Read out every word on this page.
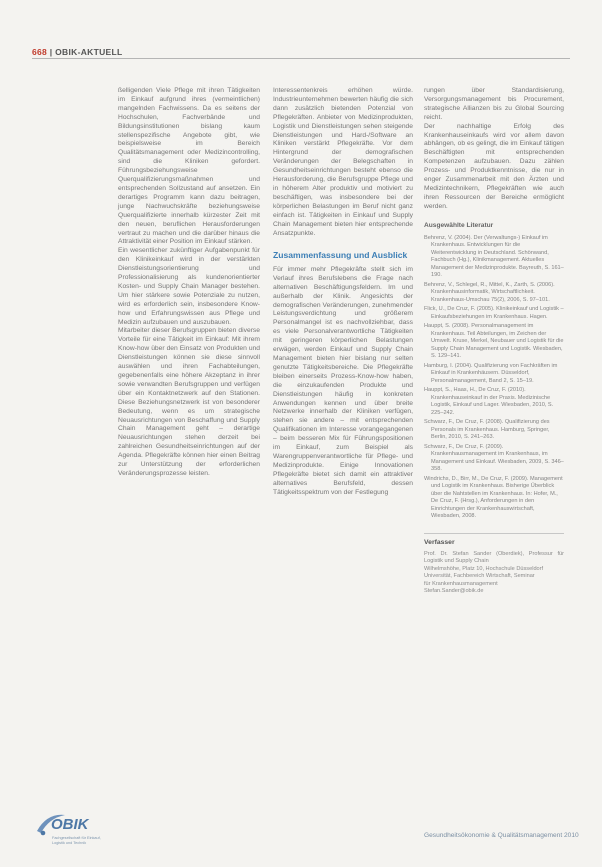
668 | OBIK-AKTUELL

ßelligenden Viele Pflege mit ihren Tätigkeiten im Einkauf aufgrund ihres (vermeintlichen) mangelnden Fachwissens. Da es seitens der Hochschulen, Fachverbände und Bildungsinstitutionen bislang kaum stellenspezifische Angebote gibt, wie beispielsweise im Bereich Qualitätsmanagement oder Medizincontrolling, sind die Kliniken gefordert. Führungsbeziehungsweise Querqualifizierungsmaßnahmen und entsprechenden Sollzustand auf ansetzen. Ein derartiges Programm kann dazu beitragen, junge Nachwuchskräfte beziehungsweise Querqualifizierte innerhalb kürzester Zeit mit den neuen, beruflichen Herausforderungen vertraut zu machen und die darüber hinaus die Attraktivität einer Position im Einkauf stärken.

Ein wesentlicher zukünftiger Aufgabenpunkt für den Klinikeinkauf wird in der verstärkten Dienstleistungsorientierung und Professionalisierung als kundenorientierter Kosten- und Supply Chain Manager bestehen. Um hier stärkere sowie Potenziale zu nutzen, wird es erforderlich sein, insbesondere Know-how und Erfahrungswissen aus Pflege und Medizin aufzubauen und auszubauen.

Mitarbeiter dieser Berufsgruppen bieten diverse Vorteile für eine Tätigkeit im Einkauf: Mit ihrem Know-how über den Einsatz von Produkten und Dienstleistungen können sie diese sinnvoll auswählen und ihren Fachabteilungen, gegebenenfalls eine höhere Akzeptanz in ihrer sowie verwandten Berufsgruppen und verfügen über ein Kontaktnetzwerk auf den Stationen. Diese Beziehungsnetzwerk ist von besonderer Bedeutung, wenn es um strategische Neuausrichtungen von Beschaffung und Supply Chain Management geht – derartige Neuausrichtungen stehen derzeit bei zahlreichen Gesundheitseinrichtungen auf der Agenda. Pflegekräfte können hier einen Beitrag zur Unterstützung der erforderlichen Veränderungsprozesse leisten.

Interessentenkreis erhöhen würde. Industrieunternehmen bewerten häufig die sich dann zusätzlich bietenden Potenzial von Pflegekräften. Anbieter von Medizinprodukten, Logistik und Dienstleistungen sehen steigende Dienstleistungen und Hard-/Software an Kliniken verstärkt Pflegekräfte. Vor dem Hintergrund der demografischen Veränderungen der Belegschaften in Gesundheitseinrichtungen besteht ebenso die Herausforderung, die Berufsgruppe Pflege und in höherem Alter produktiv und motiviert zu beschäftigen, was insbesondere bei der körperlichen Belastungen im Beruf nicht ganz einfach ist. Tätigkeiten in Einkauf und Supply Chain Management bieten hier entsprechende Ansatzpunkte.

Zusammenfassung und Ausblick

Für immer mehr Pflegekräfte stellt sich im Verlauf ihres Berufslebens die Frage nach alternativen Beschäftigungsfeldern. Im und außerhalb der Klinik. Angesichts der demografischen Veränderungen, zunehmender Leistungsverdichtung und größerem Personalmangel ist es nachvollziehbar, dass es viele Personalverantwortliche Tätigkeiten mit geringeren körperlichen Belastungen erwägen, werden Einkauf und Supply Chain Management bieten hier bislang nur selten genutzte Tätigkeitsbereiche. Die Pflegekräfte bleiben einerseits Prozess-Know-how haben, die einzukaufenden Produkte und Dienstleistungen häufig in konkreten Anwendungen kennen und über breite Netzwerke innerhalb der Kliniken verfügen, stehen sie andere – mit entsprechenden Qualifikationen im Interesse vorangegangenen – beim besseren Mix für Führungspositionen im Einkauf, zum Beispiel als Warengruppenverantwortliche für Pflege- und Medizinprodukte. Einige Innovationen Pflegekräfte bietet sich damit ein attraktiver alternatives Berufsfeld, dessen Tätigkeitsspektrum von der Festlegung

rungen über Standardisierung, Versorgungsmanagement bis Procurement, strategische Allianzen bis zu Global Sourcing reicht.

Der nachhaltige Erfolg des Krankenhauseinkaufs wird vor allem davon abhängen, ob es gelingt, die im Einkauf tätigen Beschäftigten mit entsprechenden Kompetenzen aufzubauen. Dazu zählen Prozess- und Produktkenntnisse, die nur in enger Zusammenarbeit mit den Ärzten und Medizintechnikern, Pflegekräften wie auch ihren Ressourcen der Bereiche ermöglicht werden.

Ausgewählte Literatur
Behrenz, V. (2004). Der (Verwaltungs-) Einkauf im Krankenhaus. Entwicklungen für die Weiterentwicklung in Deutschland. Schönwand, Fachbuch (Hg.), Klinikmanagement. Aktuelles Management der Medizinprodukte. Bayreuth, S. 161–190.
Behrenz, V., Schlegel, R., Mittel, K., Zarth, S. (2006). Krankenhausinformatik, Wirtschaftlichkeit. Krankenhaus-Umschau 75(2), 2006, S. 97–101.
Flick, U., De Cruz, F. (2005). Klinikeinkauf und Logistik – Einkaufsbeziehungen im Krankenhaus. Hagen.
Hauppt, S. (2008). Personalmanagement im Krankenhaus. Teil Abteilungen, im Zeichen der Umwelt. Kruse, Merkel, Neubauer und Logistik für die Supply Chain Management und Logistik. Wiesbaden, S. 129–141.
Hamburg, I. (2004). Qualifizierung von Fachkräften im Einkauf in Krankenhäusern. Düsseldorf, Personalmanagement, Band 2, S. 15–19.
Hauppt, S., Haas, H., De Cruz, F. (2010). Krankenhauseinkauf in der Praxis. Medizinische Logistik, Einkauf und Lager. Wiesbaden, 2010, S. 225–242.
Schwarz, F., De Cruz, F. (2008). Qualifizierung des Personals im Krankenhaus. Hamburg, Springer, Berlin, 2010, S. 241–263.
Schwarz, F., De Cruz, F. (2009). Krankenhausmanagement im Krankenhaus, im Management und Einkauf. Wiesbaden, 2009, S. 346–358.
Windrichs, D., Birr, M., De Cruz, F. (2009). Management und Logistik im Krankenhaus. Bisherige Überblick über die Nahtstellen im Krankenhaus. In: Hofer, M., De Cruz, F. (Hrsg.), Anforderungen in den Einrichtungen der Krankenhauswirtschaft, Wiesbaden, 2008.
Verfasser
Prof. Dr. Stefan Sander (Oberdiek), Professur für Logistik und Supply Chain
Wilhelmshöhe, Platz 10, Hochschule Düsseldorf
Universität, Fachbereich Wirtschaft, Seminar
für Krankenhausmanagement
Stefan.Sander@obik.de
OBIK
Fachgesellschaft für Einkauf,
Logistik und Technik
Gesundheitsökonomie & Qualitätsmanagement 2010
